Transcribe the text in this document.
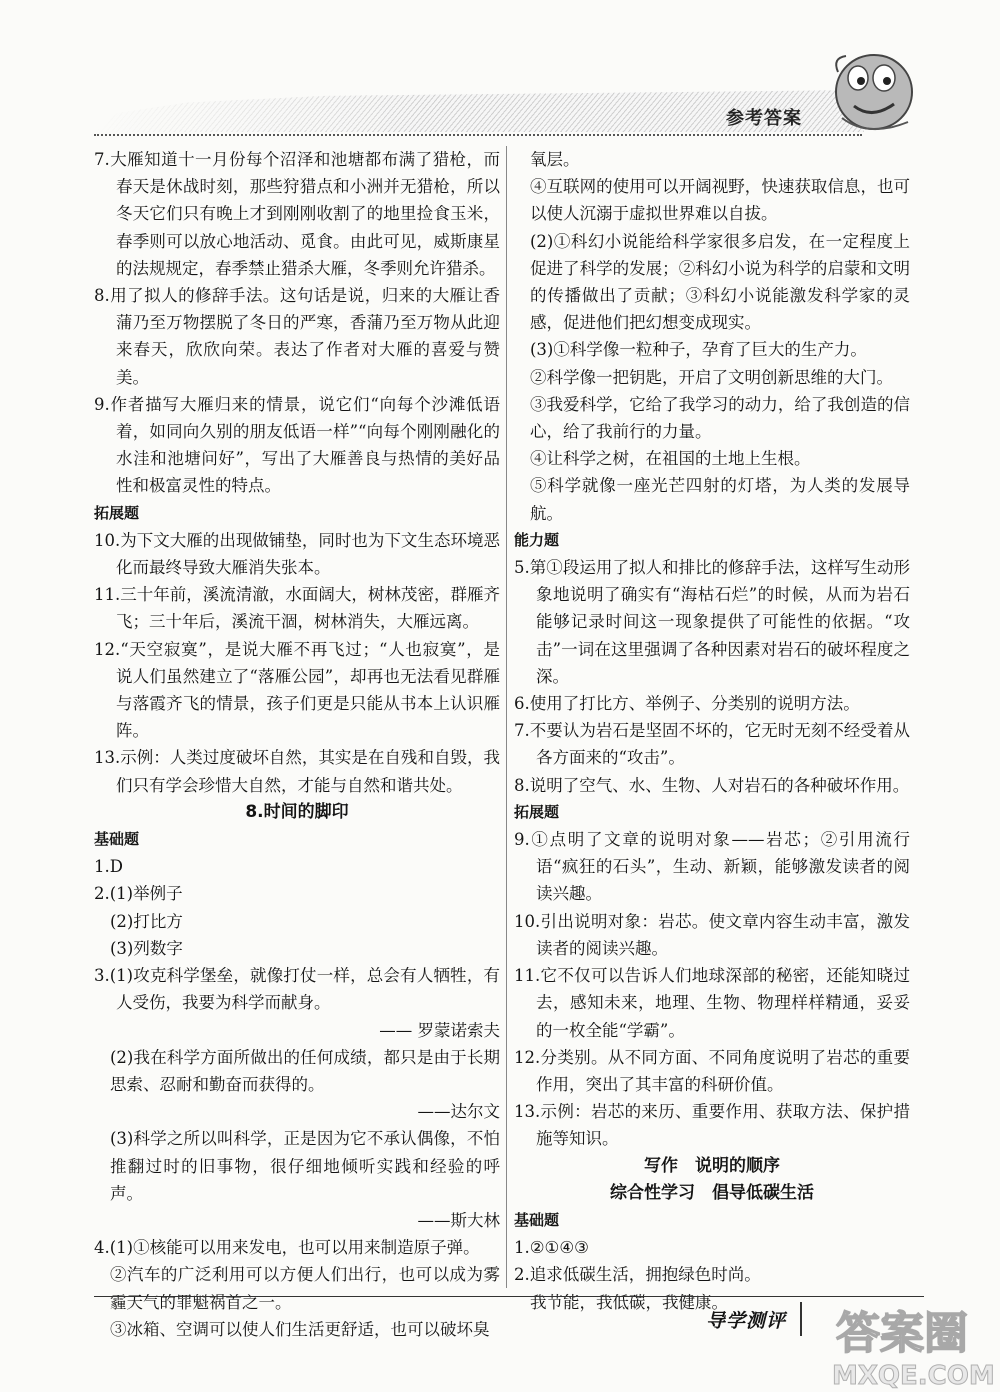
参考答案

7.大雁知道十一月份每个沼泽和池塘都布满了猎枪，而春天是休战时刻，那些狩猎点和小洲并无猎枪，所以冬天它们只有晚上才到刚刚收割了的地里捡食玉米，春季则可以放心地活动、觅食。由此可见，威斯康星的法规规定，春季禁止猎杀大雁，冬季则允许猎杀。

8.用了拟人的修辞手法。这句话是说，归来的大雁让香蒲乃至万物摆脱了冬日的严寒，香蒲乃至万物从此迎来春天，欣欣向荣。表达了作者对大雁的喜爱与赞美。

9.作者描写大雁归来的情景，说它们“向每个沙滩低语着，如同向久别的朋友低语一样”“向每个刚刚融化的水洼和池塘问好”，写出了大雁善良与热情的美好品性和极富灵性的特点。

拓展题

10.为下文大雁的出现做铺垫，同时也为下文生态环境恶化而最终导致大雁消失张本。

11.三十年前，溪流清澈，水面阔大，树林茂密，群雁齐飞；三十年后，溪流干涸，树林消失，大雁远离。

12.“天空寂寞”，是说大雁不再飞过；“人也寂寞”，是说人们虽然建立了“落雁公园”，却再也无法看见群雁与落霞齐飞的情景，孩子们更是只能从书本上认识雁阵。

13.示例：人类过度破坏自然，其实是在自残和自毁，我们只有学会珍惜大自然，才能与自然和谐共处。

8.时间的脚印

基础题

1.D

2.(1)举例子

(2)打比方

(3)列数字

3.(1)攻克科学堡垒，就像打仗一样，总会有人牺牲，有人受伤，我要为科学而献身。

—— 罗蒙诺索夫

(2)我在科学方面所做出的任何成绩，都只是由于长期思索、忍耐和勤奋而获得的。

——达尔文

(3)科学之所以叫科学，正是因为它不承认偶像，不怕推翻过时的旧事物，很仔细地倾听实践和经验的呼声。

——斯大林

4.(1)①核能可以用来发电，也可以用来制造原子弹。

②汽车的广泛利用可以方便人们出行，也可以成为雾霾天气的罪魁祸首之一。

③冰箱、空调可以使人们生活更舒适，也可以破坏臭

氧层。

④互联网的使用可以开阔视野，快速获取信息，也可以使人沉溺于虚拟世界难以自拔。

(2)①科幻小说能给科学家很多启发，在一定程度上促进了科学的发展；②科幻小说为科学的启蒙和文明的传播做出了贡献；③科幻小说能激发科学家的灵感，促进他们把幻想变成现实。

(3)①科学像一粒种子，孕育了巨大的生产力。

②科学像一把钥匙，开启了文明创新思维的大门。

③我爱科学，它给了我学习的动力，给了我创造的信心，给了我前行的力量。

④让科学之树，在祖国的土地上生根。

⑤科学就像一座光芒四射的灯塔，为人类的发展导航。

能力题

5.第①段运用了拟人和排比的修辞手法，这样写生动形象地说明了确实有“海枯石烂”的时候，从而为岩石能够记录时间这一现象提供了可能性的依据。“攻击”一词在这里强调了各种因素对岩石的破坏程度之深。

6.使用了打比方、举例子、分类别的说明方法。

7.不要认为岩石是坚固不坏的，它无时无刻不经受着从各方面来的“攻击”。

8.说明了空气、水、生物、人对岩石的各种破坏作用。

拓展题

9.①点明了文章的说明对象——岩芯；②引用流行语“疯狂的石头”，生动、新颖，能够激发读者的阅读兴趣。

10.引出说明对象：岩芯。使文章内容生动丰富，激发读者的阅读兴趣。

11.它不仅可以告诉人们地球深部的秘密，还能知晓过去，感知未来，地理、生物、物理样样精通，妥妥的一枚全能“学霸”。

12.分类别。从不同方面、不同角度说明了岩芯的重要作用，突出了其丰富的科研价值。

13.示例：岩芯的来历、重要作用、获取方法、保护措施等知识。

写作　说明的顺序

综合性学习　倡导低碳生活

基础题

1.②①④③

2.追求低碳生活，拥抱绿色时尚。

我节能，我低碳，我健康。

导学测评 答案圈
MXQE.COM
